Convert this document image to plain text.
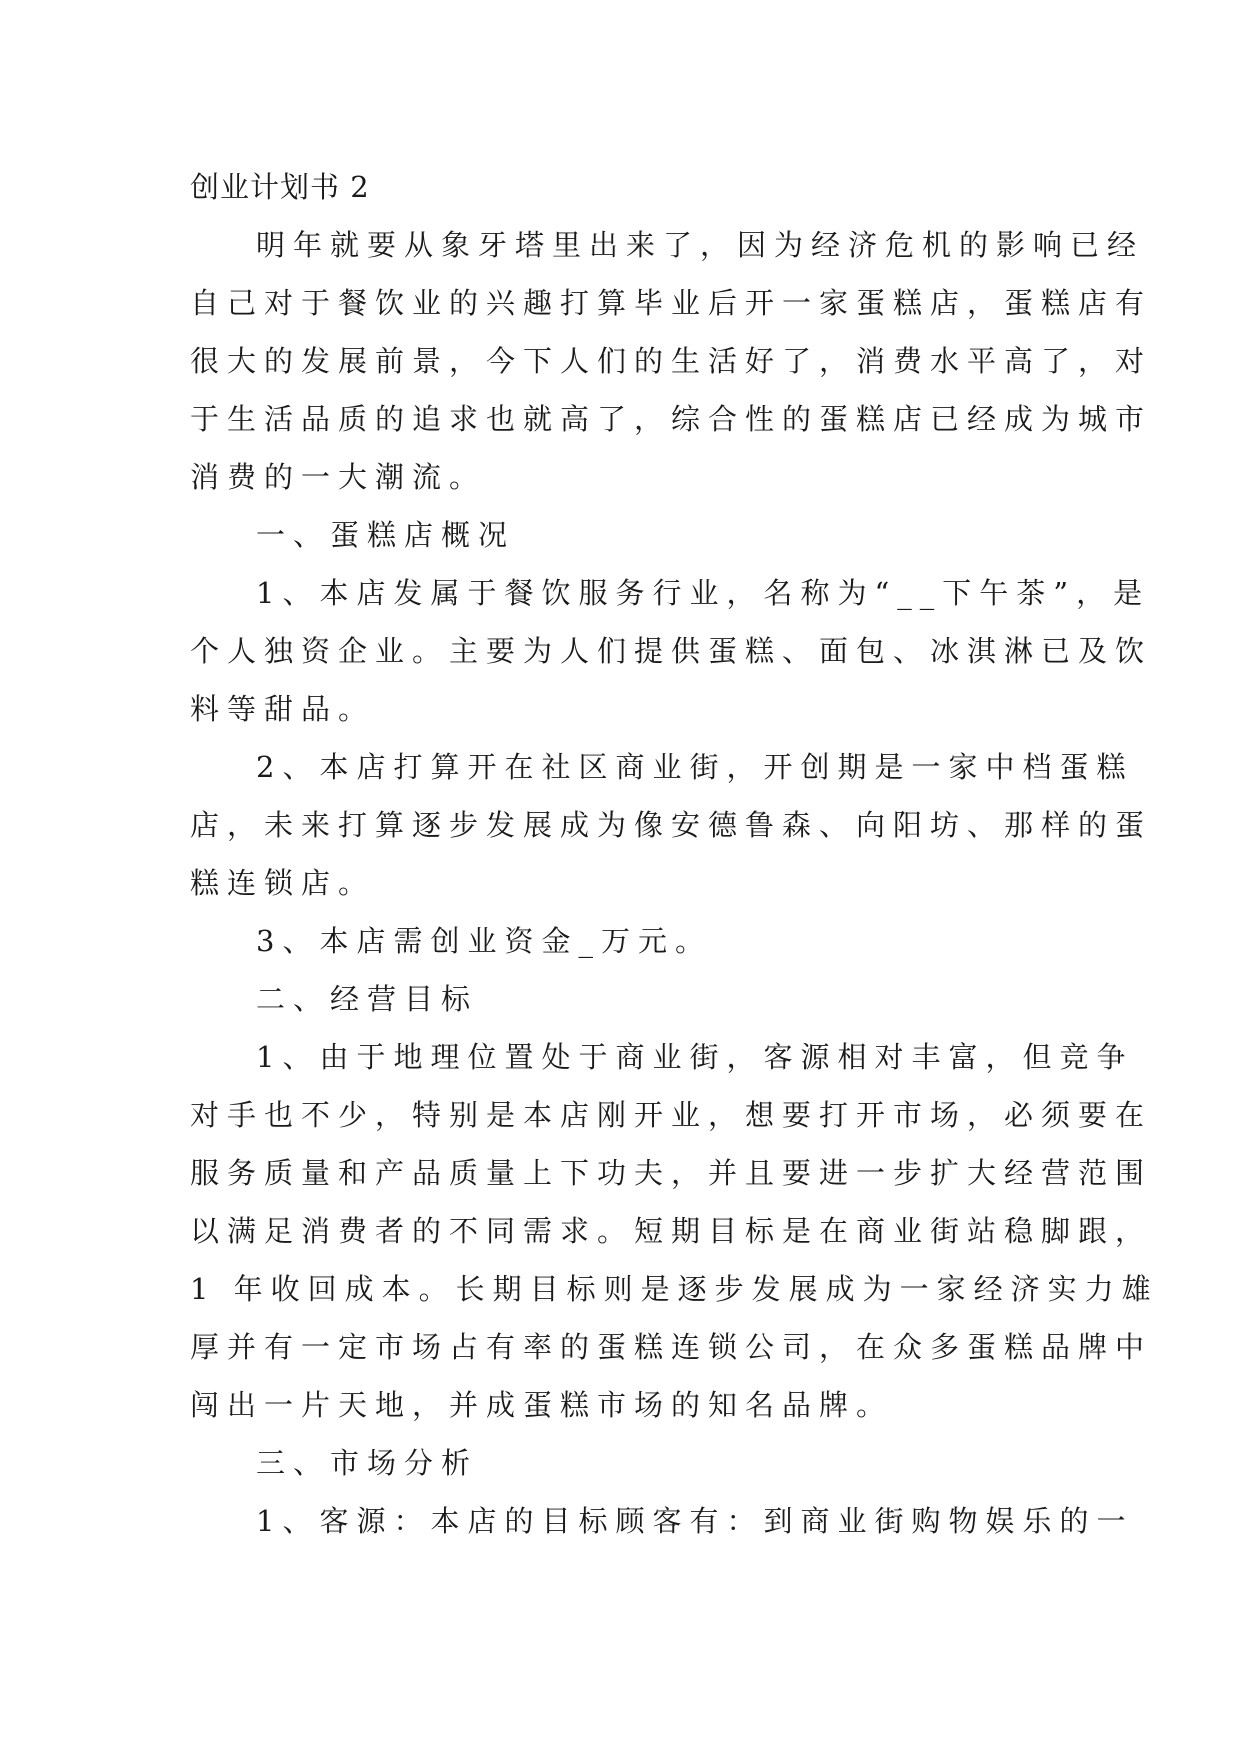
创业计划书 2
明年就要从象牙塔里出来了，因为经济危机的影响已经
自己对于餐饮业的兴趣打算毕业后开一家蛋糕店，蛋糕店有
很大的发展前景，今下人们的生活好了，消费水平高了，对
于生活品质的追求也就高了，综合性的蛋糕店已经成为城市
消费的一大潮流。
一、蛋糕店概况
1、本店发属于餐饮服务行业，名称为“__下午茶”，是
个人独资企业。主要为人们提供蛋糕、面包、冰淇淋已及饮
料等甜品。
2、本店打算开在社区商业街，开创期是一家中档蛋糕
店，未来打算逐步发展成为像安德鲁森、向阳坊、那样的蛋
糕连锁店。
3、本店需创业资金_万元。
二、经营目标
1、由于地理位置处于商业街，客源相对丰富，但竞争
对手也不少，特别是本店刚开业，想要打开市场，必须要在
服务质量和产品质量上下功夫，并且要进一步扩大经营范围
以满足消费者的不同需求。短期目标是在商业街站稳脚跟，
1 年收回成本。长期目标则是逐步发展成为一家经济实力雄
厚并有一定市场占有率的蛋糕连锁公司，在众多蛋糕品牌中
闯出一片天地，并成蛋糕市场的知名品牌。
三、市场分析
1、客源：本店的目标顾客有：到商业街购物娱乐的一
